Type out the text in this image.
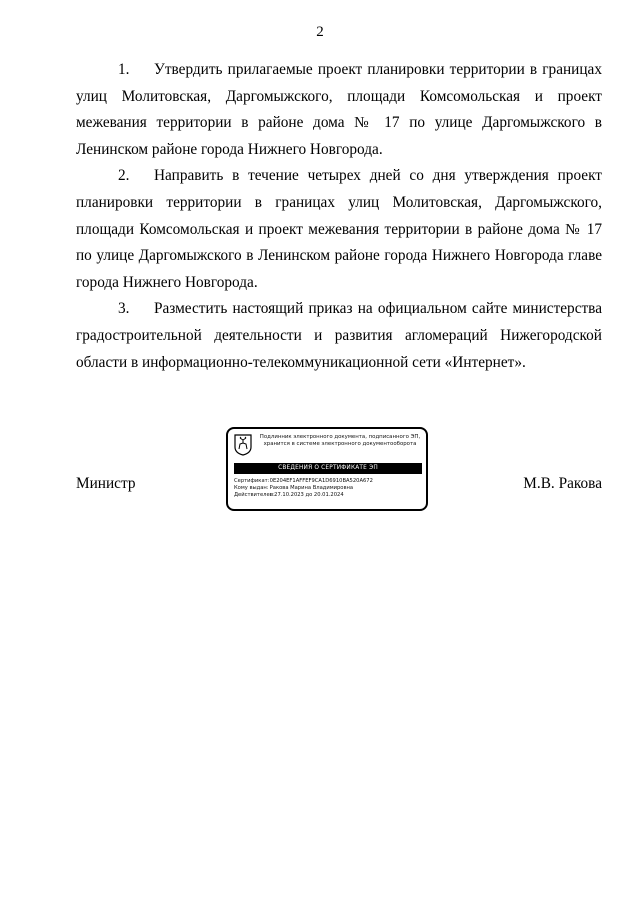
2

1. Утвердить прилагаемые проект планировки территории в границах улиц Молитовская, Даргомыжского, площади Комсомольская и проект межевания территории в районе дома № 17 по улице Даргомыжского в Ленинском районе города Нижнего Новгорода.

2. Направить в течение четырех дней со дня утверждения проект планировки территории в границах улиц Молитовская, Даргомыжского, площади Комсомольская и проект межевания территории в районе дома № 17 по улице Даргомыжского в Ленинском районе города Нижнего Новгорода главе города Нижнего Новгорода.

3. Разместить настоящий приказ на официальном сайте министерства градостроительной деятельности и развития агломераций Нижегородской области в информационно-телекоммуникационной сети «Интернет».

Министр	М.В. Ракова
Подлинник электронного документа, подписанного ЭП, хранится в системе электронного документооборота
СВЕДЕНИЯ О СЕРТИФИКАТЕ ЭП
Сертификат: 0E204EF1AFFEF9CA1D6910BA520A672
Кому выдан: Ракова Марина Владимировна
Действителен: с 27.10.2023 до 20.01.2024
